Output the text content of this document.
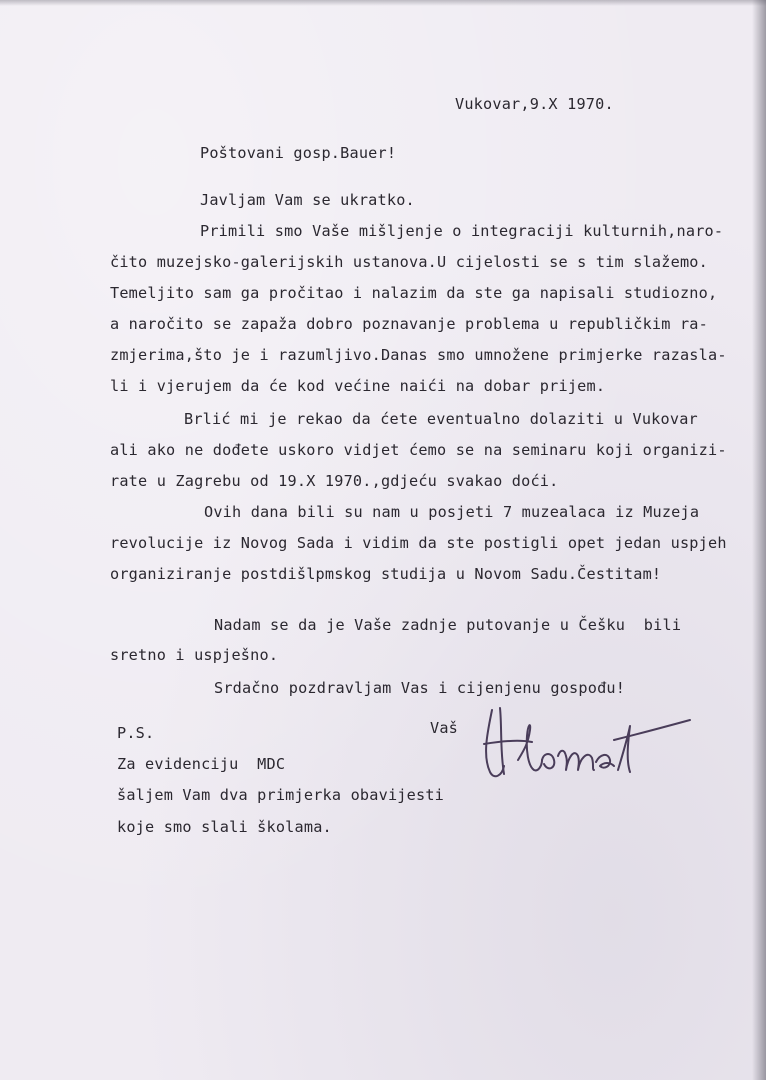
Vukovar,9.X 1970.

Poštovani gosp.Bauer!

Javljam Vam se ukratko.

Primili smo Vaše mišljenje o integraciji kulturnih,naro-

čito muzejsko-galerijskih ustanova.U cijelosti se s tim slažemo.

Temeljito sam ga pročitao i nalazim da ste ga napisali studiozno,

a naročito se zapaža dobro poznavanje problema u republičkim ra-

zmjerima,što je i razumljivo.Danas smo umnožene primjerke razasla-

li i vjerujem da će kod većine naići na dobar prijem.

Brlić mi je rekao da ćete eventualno dolaziti u Vukovar

ali ako ne dođete uskoro vidjet ćemo se na seminaru koji organizi-

rate u Zagrebu od 19.X 1970.,gdjeću svakao doći.

Ovih dana bili su nam u posjeti 7 muzealaca iz Muzeja

revolucije iz Novog Sada i vidim da ste postigli opet jedan uspjeh

organiziranje postdišlpmskog studija u Novom Sadu.Čestitam!

Nadam se da je Vaše zadnje putovanje u Češku  bili

sretno i uspješno.

Srdačno pozdravljam Vas i cijenjenu gospođu!

Vaš

P.S.

Za evidenciju  MDC

šaljem Vam dva primjerka obavijesti

koje smo slali školama.
